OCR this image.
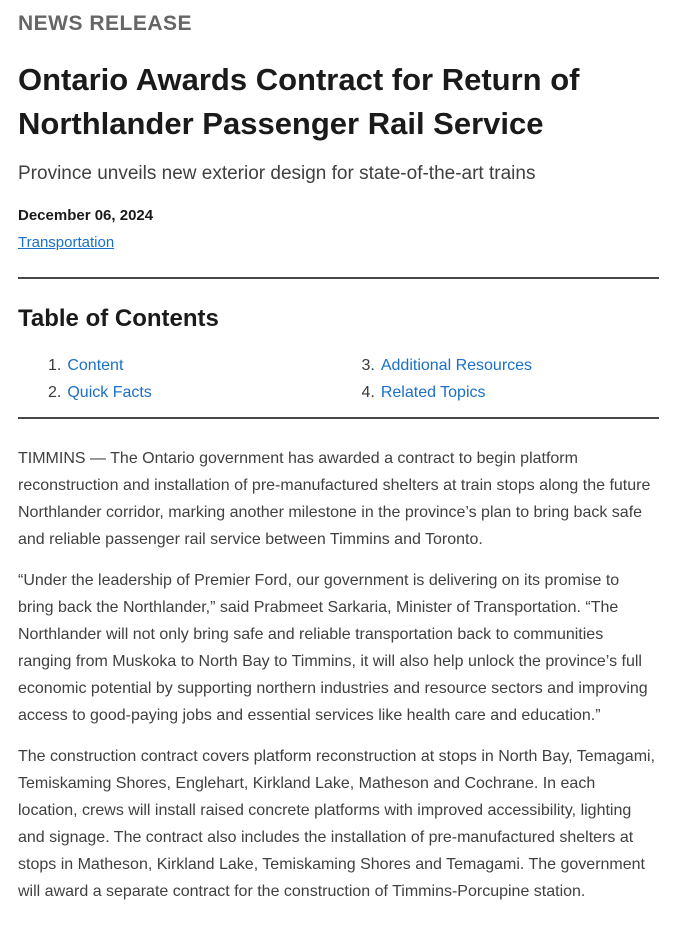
NEWS RELEASE
Ontario Awards Contract for Return of Northlander Passenger Rail Service
Province unveils new exterior design for state-of-the-art trains
December 06, 2024
Transportation
Table of Contents
1. Content
2. Quick Facts
3. Additional Resources
4. Related Topics

TIMMINS — The Ontario government has awarded a contract to begin platform reconstruction and installation of pre-manufactured shelters at train stops along the future Northlander corridor, marking another milestone in the province’s plan to bring back safe and reliable passenger rail service between Timmins and Toronto.

“Under the leadership of Premier Ford, our government is delivering on its promise to bring back the Northlander,” said Prabmeet Sarkaria, Minister of Transportation. “The Northlander will not only bring safe and reliable transportation back to communities ranging from Muskoka to North Bay to Timmins, it will also help unlock the province’s full economic potential by supporting northern industries and resource sectors and improving access to good-paying jobs and essential services like health care and education.”

The construction contract covers platform reconstruction at stops in North Bay, Temagami, Temiskaming Shores, Englehart, Kirkland Lake, Matheson and Cochrane. In each location, crews will install raised concrete platforms with improved accessibility, lighting and signage. The contract also includes the installation of pre-manufactured shelters at stops in Matheson, Kirkland Lake, Temiskaming Shores and Temagami. The government will award a separate contract for the construction of Timmins-Porcupine station.
